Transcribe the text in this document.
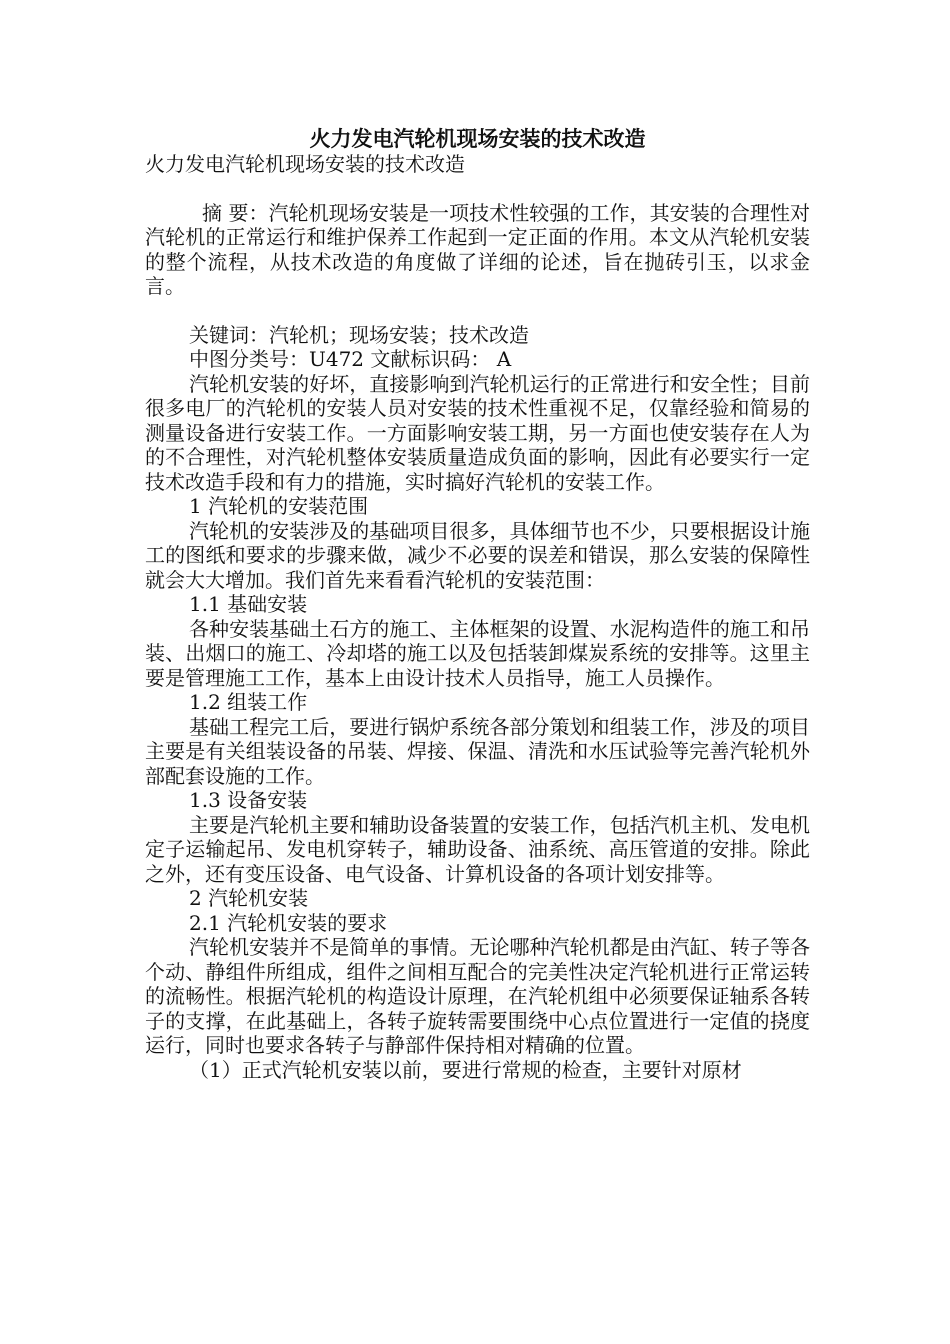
火力发电汽轮机现场安装的技术改造

火力发电汽轮机现场安装的技术改造

摘 要：汽轮机现场安装是一项技术性较强的工作，其安装的合理性对汽轮机的正常运行和维护保养工作起到一定正面的作用。本文从汽轮机安装的整个流程，从技术改造的角度做了详细的论述，旨在抛砖引玉，以求金言。

关键词：汽轮机；现场安装；技术改造

中图分类号：U472 文献标识码： A

汽轮机安装的好坏，直接影响到汽轮机运行的正常进行和安全性；目前很多电厂的汽轮机的安装人员对安装的技术性重视不足，仅靠经验和简易的测量设备进行安装工作。一方面影响安装工期，另一方面也使安装存在人为的不合理性，对汽轮机整体安装质量造成负面的影响，因此有必要实行一定技术改造手段和有力的措施，实时搞好汽轮机的安装工作。

1 汽轮机的安装范围

汽轮机的安装涉及的基础项目很多，具体细节也不少，只要根据设计施工的图纸和要求的步骤来做，减少不必要的误差和错误，那么安装的保障性就会大大增加。我们首先来看看汽轮机的安装范围：

1.1 基础安装

各种安装基础土石方的施工、主体框架的设置、水泥构造件的施工和吊装、出烟口的施工、冷却塔的施工以及包括装卸煤炭系统的安排等。这里主要是管理施工工作，基本上由设计技术人员指导，施工人员操作。

1.2 组装工作

基础工程完工后，要进行锅炉系统各部分策划和组装工作，涉及的项目主要是有关组装设备的吊装、焊接、保温、清洗和水压试验等完善汽轮机外部配套设施的工作。

1.3 设备安装

主要是汽轮机主要和辅助设备装置的安装工作，包括汽机主机、发电机定子运输起吊、发电机穿转子，辅助设备、油系统、高压管道的安排。除此之外，还有变压设备、电气设备、计算机设备的各项计划安排等。

2 汽轮机安装

2.1 汽轮机安装的要求

汽轮机安装并不是简单的事情。无论哪种汽轮机都是由汽缸、转子等各个动、静组件所组成，组件之间相互配合的完美性决定汽轮机进行正常运转的流畅性。根据汽轮机的构造设计原理，在汽轮机组中必须要保证轴系各转子的支撑，在此基础上，各转子旋转需要围绕中心点位置进行一定值的挠度运行，同时也要求各转子与静部件保持相对精确的位置。

（1）正式汽轮机安装以前，要进行常规的检查，主要针对原材
